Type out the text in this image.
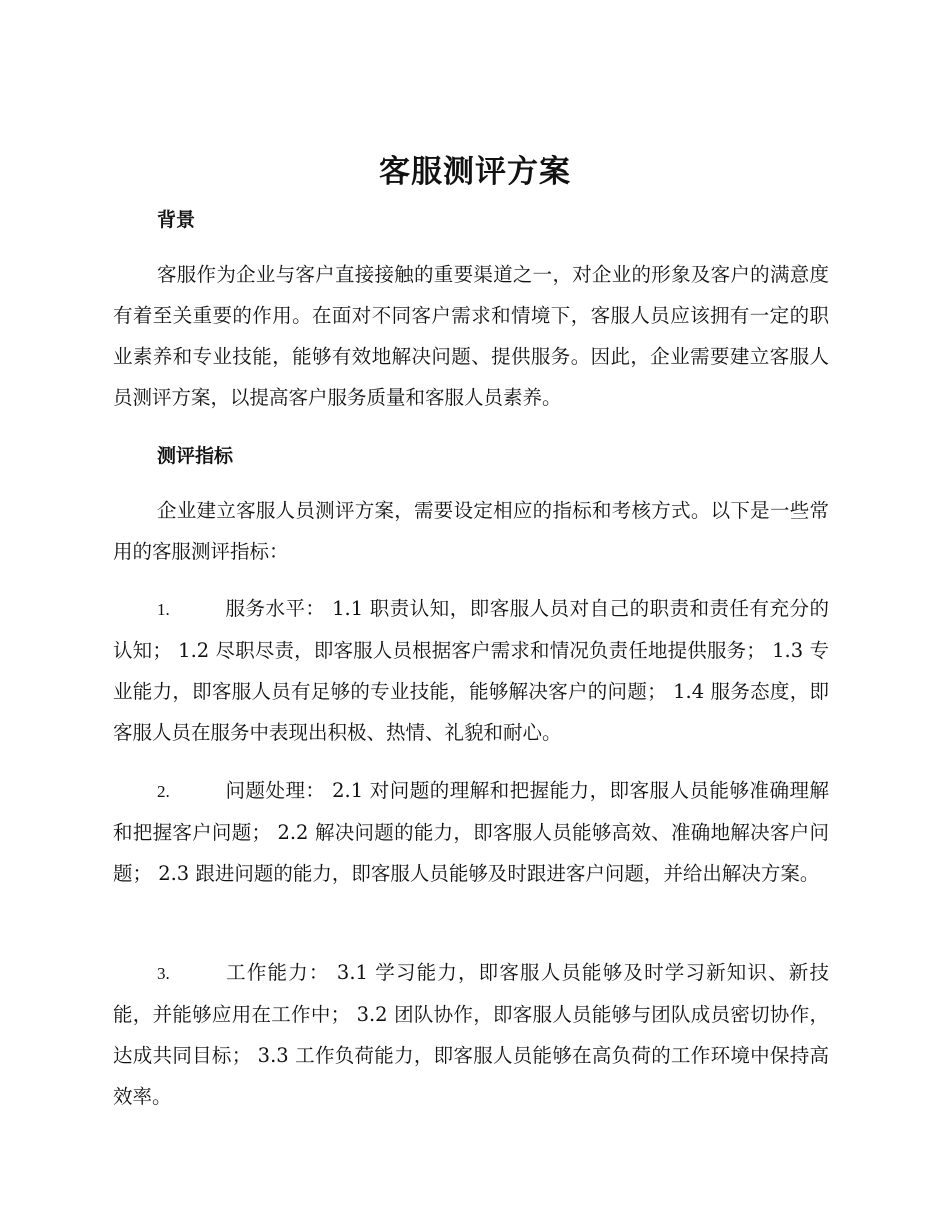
客服测评方案
背景

客服作为企业与客户直接接触的重要渠道之一，对企业的形象及客户的满意度有着至关重要的作用。在面对不同客户需求和情境下，客服人员应该拥有一定的职业素养和专业技能，能够有效地解决问题、提供服务。因此，企业需要建立客服人员测评方案，以提高客户服务质量和客服人员素养。

测评指标

企业建立客服人员测评方案，需要设定相应的指标和考核方式。以下是一些常用的客服测评指标：

1.	服务水平： 1.1 职责认知，即客服人员对自己的职责和责任有充分的认知； 1.2 尽职尽责，即客服人员根据客户需求和情况负责任地提供服务； 1.3 专业能力，即客服人员有足够的专业技能，能够解决客户的问题； 1.4 服务态度，即客服人员在服务中表现出积极、热情、礼貌和耐心。

2.	问题处理： 2.1 对问题的理解和把握能力，即客服人员能够准确理解和把握客户问题； 2.2 解决问题的能力，即客服人员能够高效、准确地解决客户问题； 2.3 跟进问题的能力，即客服人员能够及时跟进客户问题，并给出解决方案。

3.	工作能力： 3.1 学习能力，即客服人员能够及时学习新知识、新技能，并能够应用在工作中； 3.2 团队协作，即客服人员能够与团队成员密切协作，达成共同目标； 3.3 工作负荷能力，即客服人员能够在高负荷的工作环境中保持高效率。
